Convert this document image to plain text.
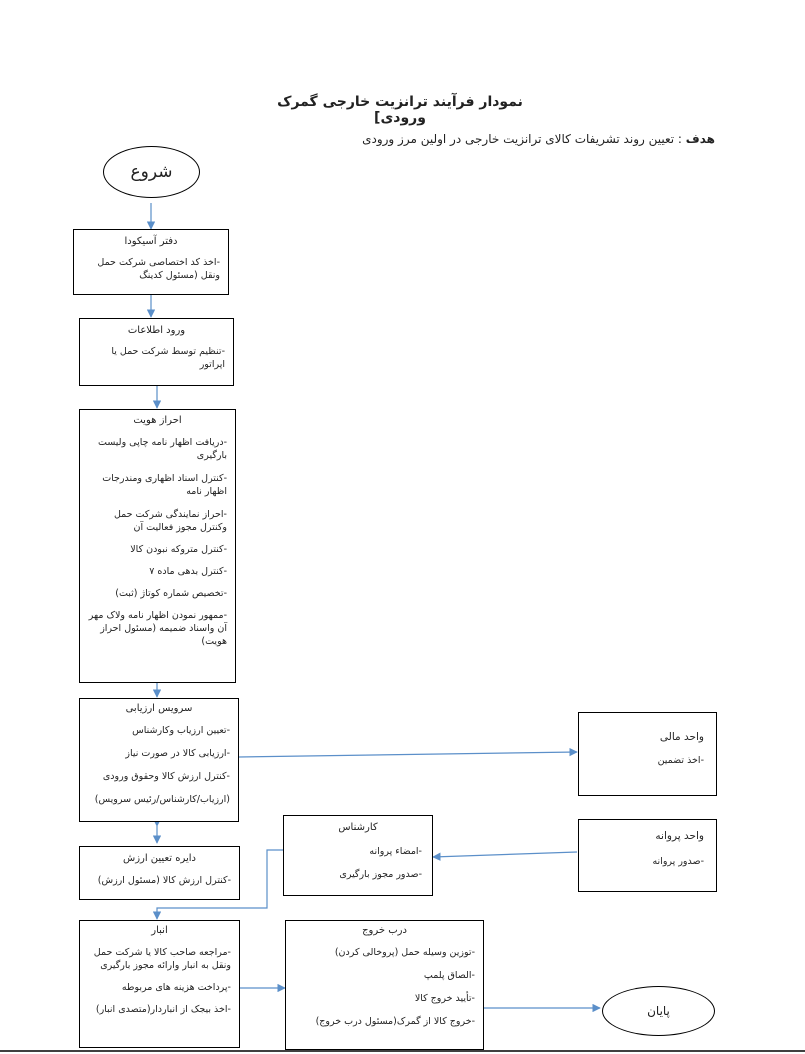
نمودار فرآیند ترانزیت خارجی گمرک ورودی]
هدف : تعیین روند تشریفات کالای ترانزیت خارجی در اولین مرز ورودی
شروع
دفتر آسیکودا
-اخذ کد اختصاصی شرکت حمل ونقل (مسئول کدینگ
ورود اطلاعات
-تنظیم توسط شرکت حمل یا اپراتور
احراز هویت
-دریافت اظهار نامه چاپی ولیست بارگیری
-کنترل اسناد اظهاری ومندرجات اظهار نامه
-احراز نمایندگی شرکت حمل وکنترل مجوز فعالیت آن
-کنترل متروکه نبودن کالا
-کنترل بدهی ماده ۷
-تخصیص شماره کوتاژ (ثبت)
-ممهور نمودن اظهار نامه ولاک مهر آن واسناد ضمیمه (مسئول احراز هویت)
سرویس ارزیابی
-تعیین ارزیاب وکارشناس
-ارزیابی کالا در صورت نیاز
-کنترل ارزش کالا وحقوق ورودی
(ارزیاب/کارشناس/رئیس سرویس)
واحد مالی
-اخذ تضمین
دایره تعیین ارزش
-کنترل ارزش کالا (مسئول ارزش)
کارشناس
-امضاء پروانه
-صدور مجوز بارگیری
واحد پروانه
-صدور پروانه
انبار
-مراجعه صاحب کالا یا شرکت حمل ونقل به انبار وارائه مجوز بارگیری
-پرداخت هزینه های مربوطه
-اخذ بیجک از انباردار(متصدی انبار)
درب خروج
-توزین وسیله حمل (پروخالی کردن)
-الصاق پلمپ
-تأیید خروج کالا
-خروج کالا از گمرک(مسئول درب خروج)
پایان
